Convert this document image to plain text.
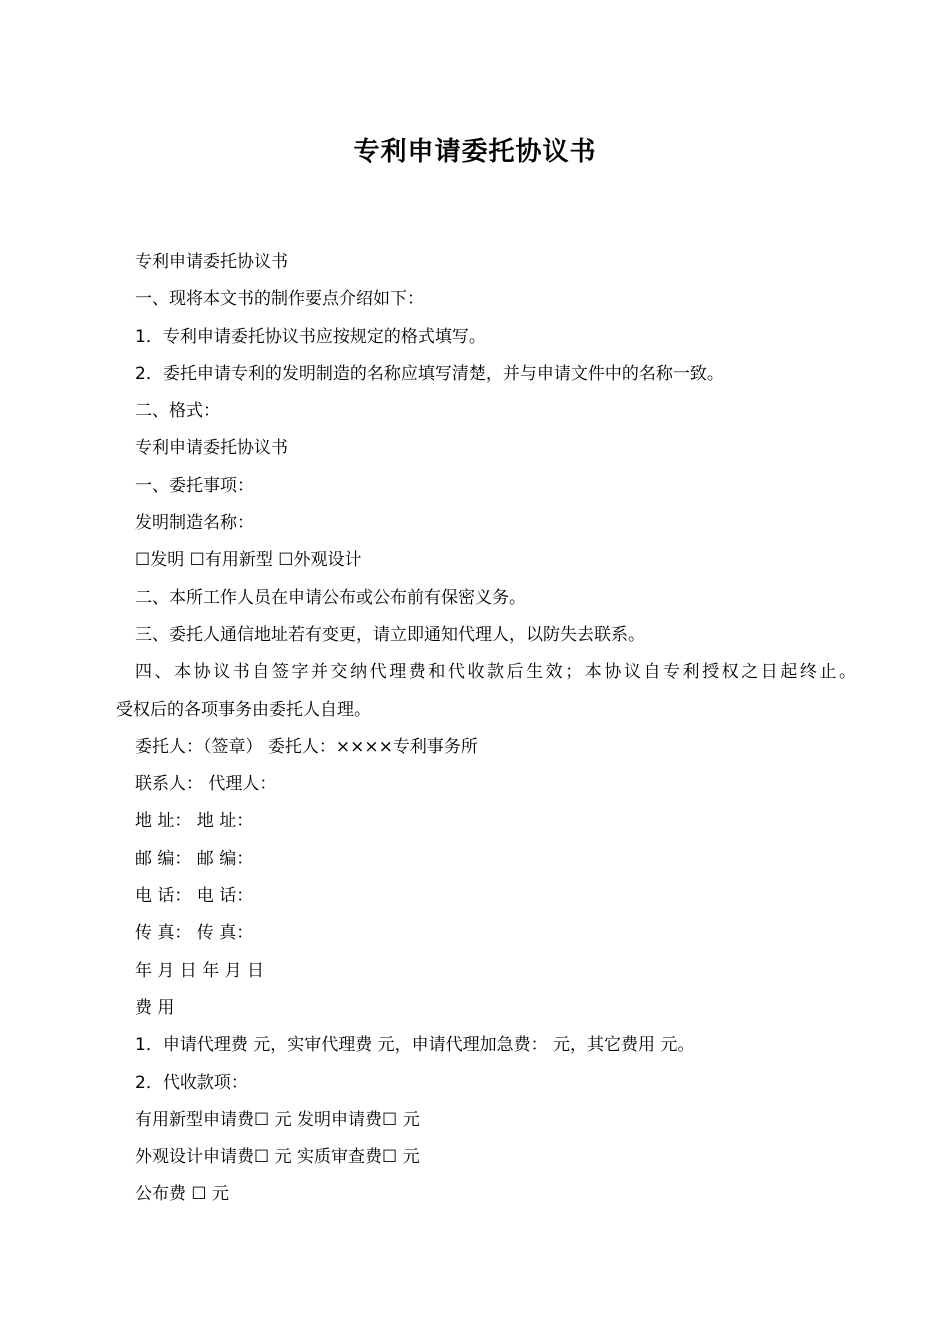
专利申请委托协议书
专利申请委托协议书
一、现将本文书的制作要点介绍如下：
1．专利申请委托协议书应按规定的格式填写。
2．委托申请专利的发明制造的名称应填写清楚，并与申请文件中的名称一致。
二、格式：
专利申请委托协议书
一、委托事项：
发明制造名称：
☐发明 ☐有用新型 ☐外观设计
二、本所工作人员在申请公布或公布前有保密义务。
三、委托人通信地址若有变更，请立即通知代理人，以防失去联系。
四、本协议书自签字并交纳代理费和代收款后生效；本协议自专利授权之日起终止。
受权后的各项事务由委托人自理。
委托人：（签章） 委托人：××××专利事务所
联系人： 代理人：
地 址： 地 址：
邮 编： 邮 编：
电 话： 电 话：
传 真： 传 真：
年 月 日 年 月 日
费 用
1．申请代理费 元，实审代理费 元，申请代理加急费： 元，其它费用 元。
2．代收款项：
有用新型申请费☐ 元 发明申请费☐ 元
外观设计申请费☐ 元 实质审查费☐ 元
公布费 ☐ 元
